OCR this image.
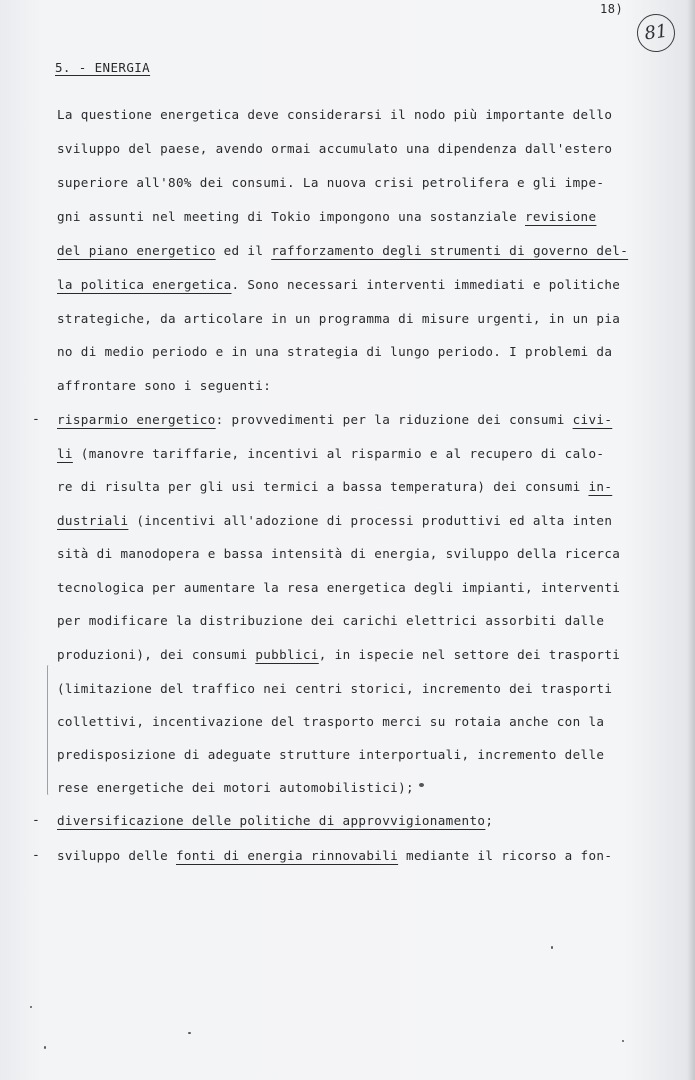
18)
81
5. - ENERGIA
-
-
-
La questione energetica deve considerarsi il nodo più importante dello
sviluppo del paese, avendo ormai accumulato una dipendenza dall'estero
superiore all'80% dei consumi. La nuova crisi petrolifera e gli impe-
gni assunti nel meeting di Tokio impongono una sostanziale revisione
del piano energetico ed il rafforzamento degli strumenti di governo del-
la politica energetica. Sono necessari interventi immediati e politiche
strategiche, da articolare in un programma di misure urgenti, in un pia
no di medio periodo e in una strategia di lungo periodo. I problemi da
affrontare sono i seguenti:
risparmio energetico: provvedimenti per la riduzione dei consumi civi-
li (manovre tariffarie, incentivi al risparmio e al recupero di calo-
re di risulta per gli usi termici a bassa temperatura) dei consumi in-
dustriali (incentivi all'adozione di processi produttivi ed alta inten
sità di manodopera e bassa intensità di energia, sviluppo della ricerca
tecnologica per aumentare la resa energetica degli impianti, interventi
per modificare la distribuzione dei carichi elettrici assorbiti dalle
produzioni), dei consumi pubblici, in ispecie nel settore dei trasporti
(limitazione del traffico nei centri storici, incremento dei trasporti
collettivi, incentivazione del trasporto merci su rotaia anche con la
predisposizione di adeguate strutture interportuali, incremento delle
rese energetiche dei motori automobilistici);
diversificazione delle politiche di approvvigionamento;
sviluppo delle fonti di energia rinnovabili mediante il ricorso a fon-
